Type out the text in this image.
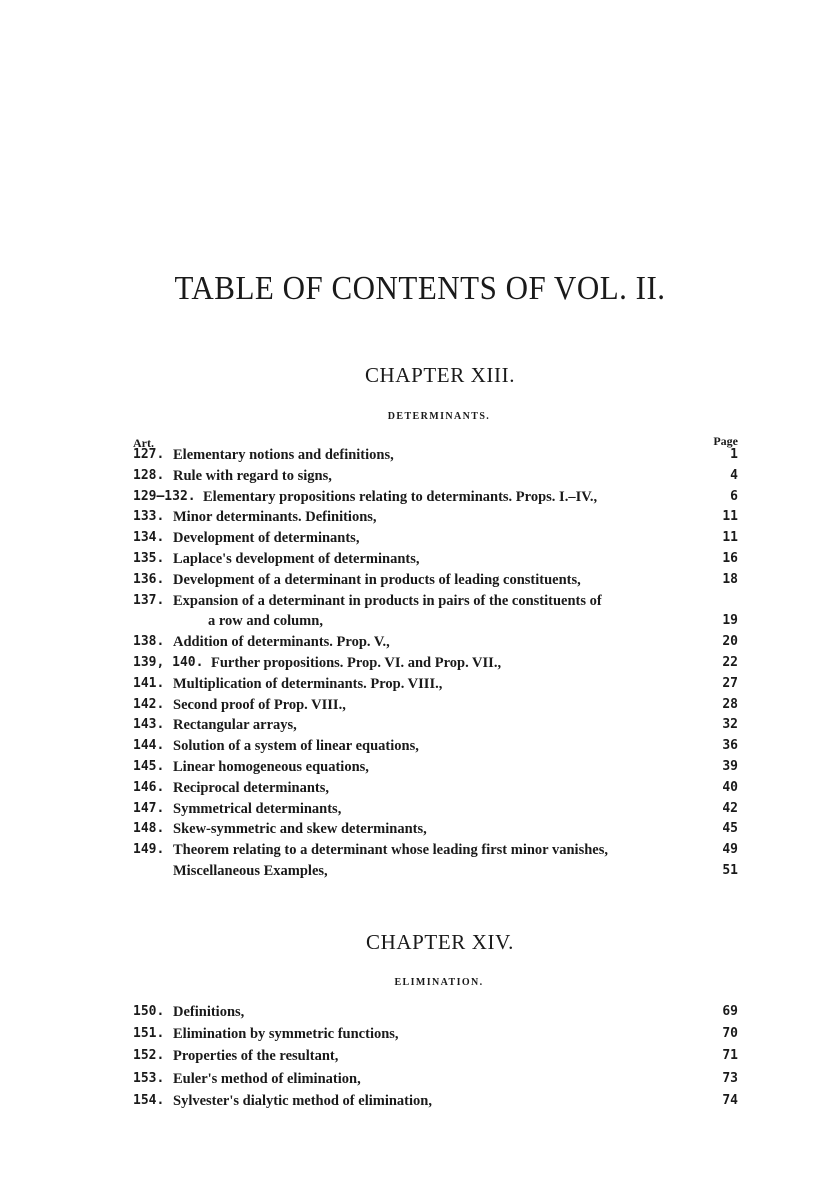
TABLE OF CONTENTS OF VOL. II.
CHAPTER XIII.
DETERMINANTS.
Art.	Page
127. Elementary notions and definitions,	1
128. Rule with regard to signs,	4
129–132. Elementary propositions relating to determinants. Props. I.–IV.,	6
133. Minor determinants. Definitions,	11
134. Development of determinants,	11
135. Laplace's development of determinants,	16
136. Development of a determinant in products of leading constituents,	18
137. Expansion of a determinant in products in pairs of the constituents of
a row and column,	19
138. Addition of determinants. Prop. V.,	20
139, 140. Further propositions. Prop. VI. and Prop. VII.,	22
141. Multiplication of determinants. Prop. VIII.,	27
142. Second proof of Prop. VIII.,	28
143. Rectangular arrays,	32
144. Solution of a system of linear equations,	36
145. Linear homogeneous equations,	39
146. Reciprocal determinants,	40
147. Symmetrical determinants,	42
148. Skew-symmetric and skew determinants,	45
149. Theorem relating to a determinant whose leading first minor vanishes,	49
Miscellaneous Examples,	51
CHAPTER XIV.
ELIMINATION.
150. Definitions,	69
151. Elimination by symmetric functions,	70
152. Properties of the resultant,	71
153. Euler's method of elimination,	73
154. Sylvester's dialytic method of elimination,	74
